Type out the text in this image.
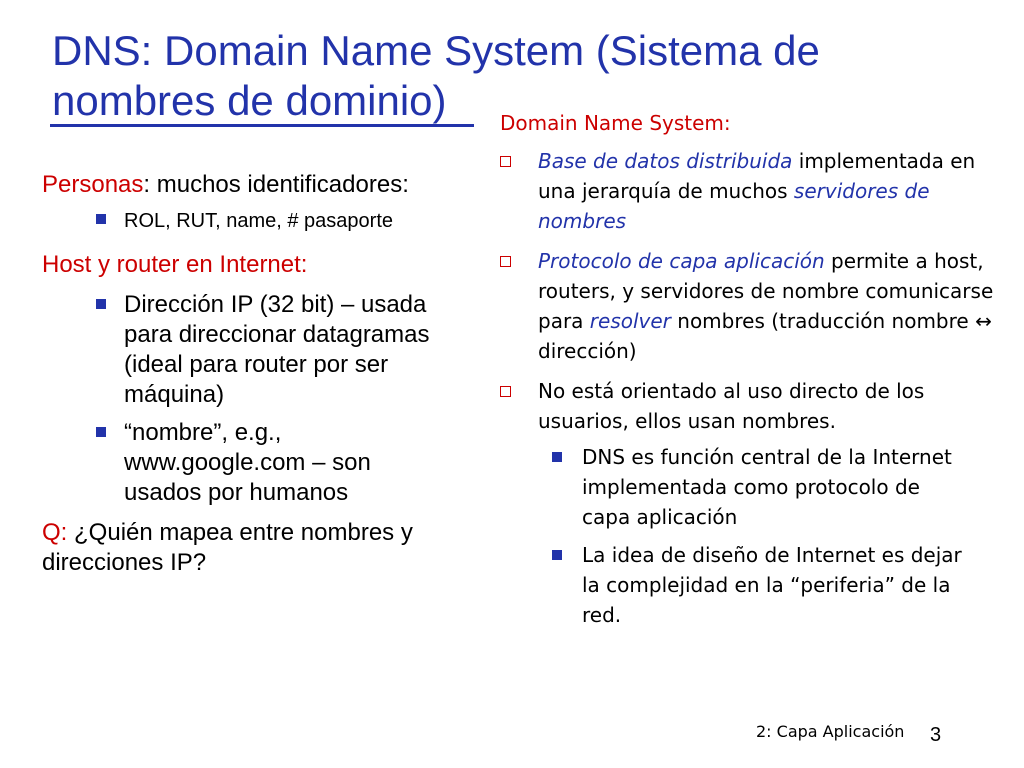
DNS: Domain Name System (Sistema de nombres de dominio)

Personas: muchos identificadores:

ROL, RUT, name, # pasaporte

Host y router en Internet:

Dirección IP (32 bit) – usada para direccionar datagramas (ideal para router por ser máquina)

“nombre”, e.g., www.google.com – son usados por humanos

Q: ¿Quién mapea entre nombres y direcciones IP?

Domain Name System:

Base de datos distribuida implementada en una jerarquía de muchos servidores de nombres

Protocolo de capa aplicación permite a host, routers, y servidores de nombre comunicarse para resolver nombres (traducción nombre ↔ dirección)

No está orientado al uso directo de los usuarios, ellos usan nombres.

DNS es función central de la Internet implementada como protocolo de capa aplicación

La idea de diseño de Internet es dejar la complejidad en la “periferia” de la red.

2: Capa Aplicación 3
